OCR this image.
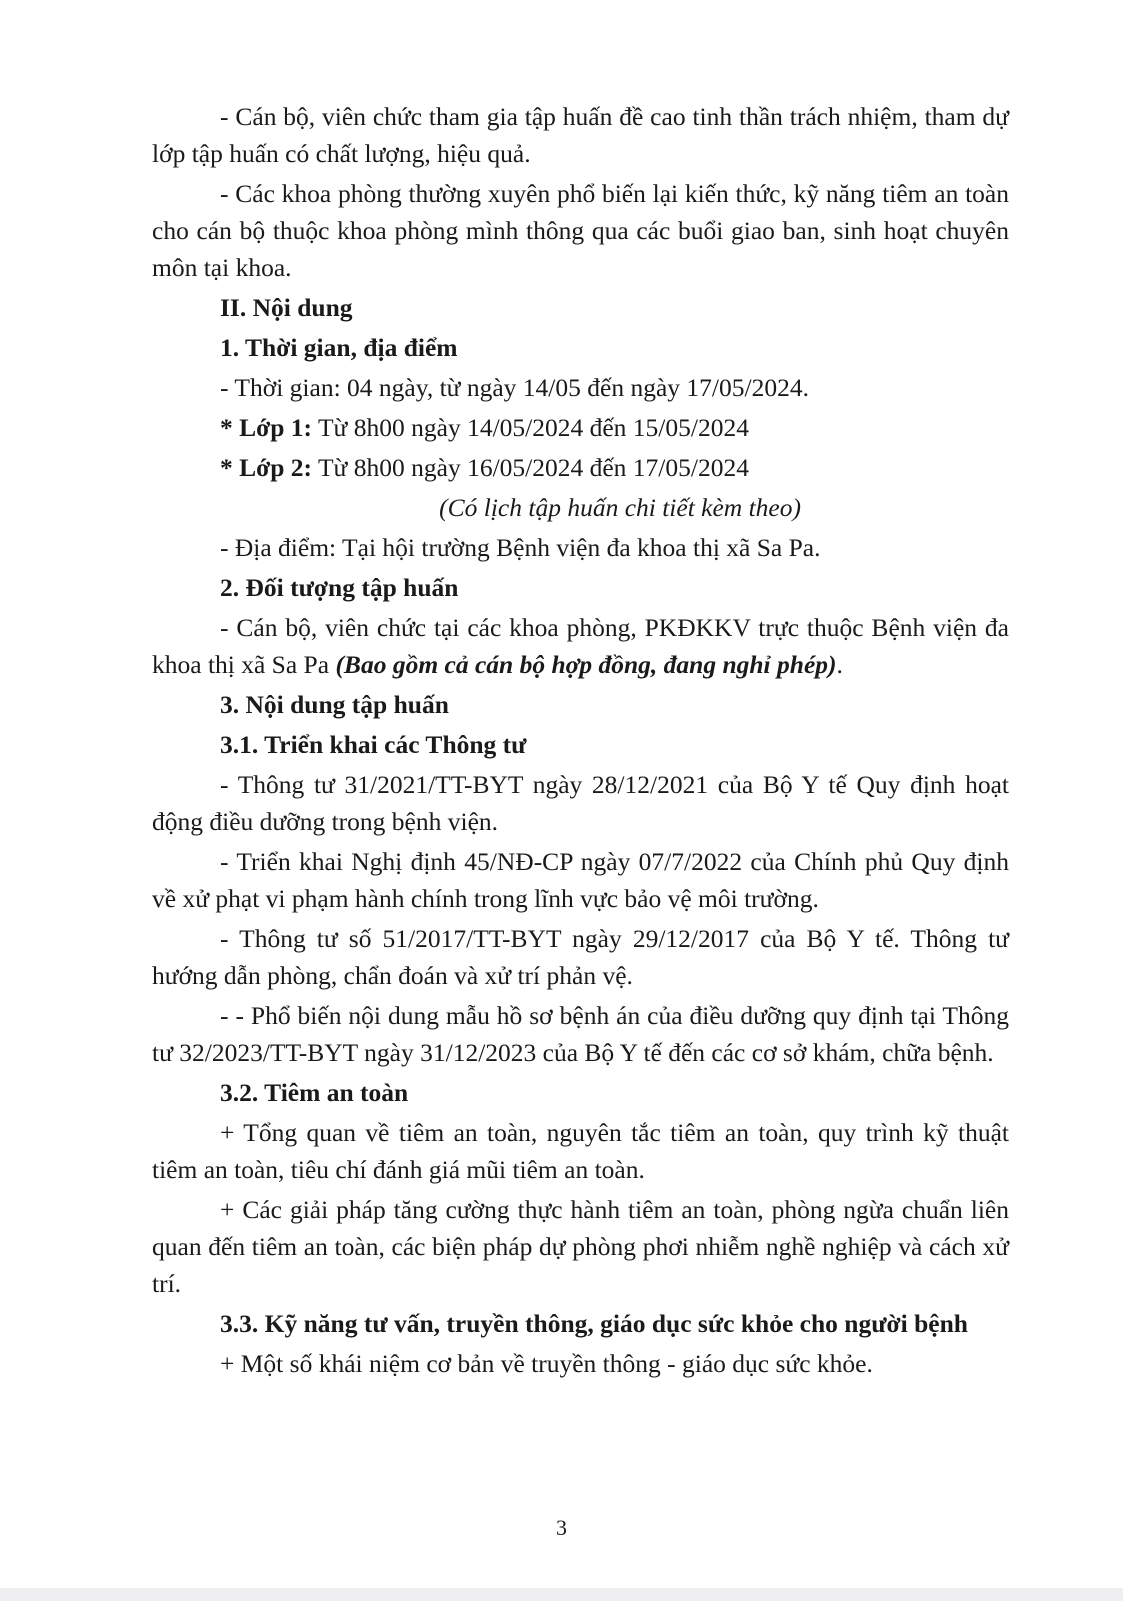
- Cán bộ, viên chức tham gia tập huấn đề cao tinh thần trách nhiệm, tham dự lớp tập huấn có chất lượng, hiệu quả.

- Các khoa phòng thường xuyên phổ biến lại kiến thức, kỹ năng tiêm an toàn cho cán bộ thuộc khoa phòng mình thông qua các buổi giao ban, sinh hoạt chuyên môn tại khoa.

II. Nội dung

1. Thời gian, địa điểm

- Thời gian: 04 ngày, từ ngày 14/05 đến ngày 17/05/2024.

* Lớp 1: Từ 8h00 ngày 14/05/2024 đến 15/05/2024

* Lớp 2: Từ 8h00 ngày 16/05/2024 đến 17/05/2024

(Có lịch tập huấn chi tiết kèm theo)

- Địa điểm: Tại hội trường Bệnh viện đa khoa thị xã Sa Pa.

2. Đối tượng tập huấn

- Cán bộ, viên chức tại các khoa phòng, PKĐKKV trực thuộc Bệnh viện đa khoa thị xã Sa Pa (Bao gồm cả cán bộ hợp đồng, đang nghỉ phép).

3. Nội dung tập huấn

3.1. Triển khai các Thông tư

- Thông tư 31/2021/TT-BYT ngày 28/12/2021 của Bộ Y tế Quy định hoạt động điều dưỡng trong bệnh viện.

- Triển khai Nghị định 45/NĐ-CP ngày 07/7/2022 của Chính phủ Quy định về xử phạt vi phạm hành chính trong lĩnh vực bảo vệ môi trường.

- Thông tư số 51/2017/TT-BYT ngày 29/12/2017 của Bộ Y tế. Thông tư hướng dẫn phòng, chẩn đoán và xử trí phản vệ.

- - Phổ biến nội dung mẫu hồ sơ bệnh án của điều dưỡng quy định tại Thông tư 32/2023/TT-BYT ngày 31/12/2023 của Bộ Y tế đến các cơ sở khám, chữa bệnh.

3.2. Tiêm an toàn

+ Tổng quan về tiêm an toàn, nguyên tắc tiêm an toàn, quy trình kỹ thuật tiêm an toàn, tiêu chí đánh giá mũi tiêm an toàn.

+ Các giải pháp tăng cường thực hành tiêm an toàn, phòng ngừa chuẩn liên quan đến tiêm an toàn, các biện pháp dự phòng phơi nhiễm nghề nghiệp và cách xử trí.

3.3. Kỹ năng tư vấn, truyền thông, giáo dục sức khỏe cho người bệnh

+ Một số khái niệm cơ bản về truyền thông - giáo dục sức khỏe.

3
